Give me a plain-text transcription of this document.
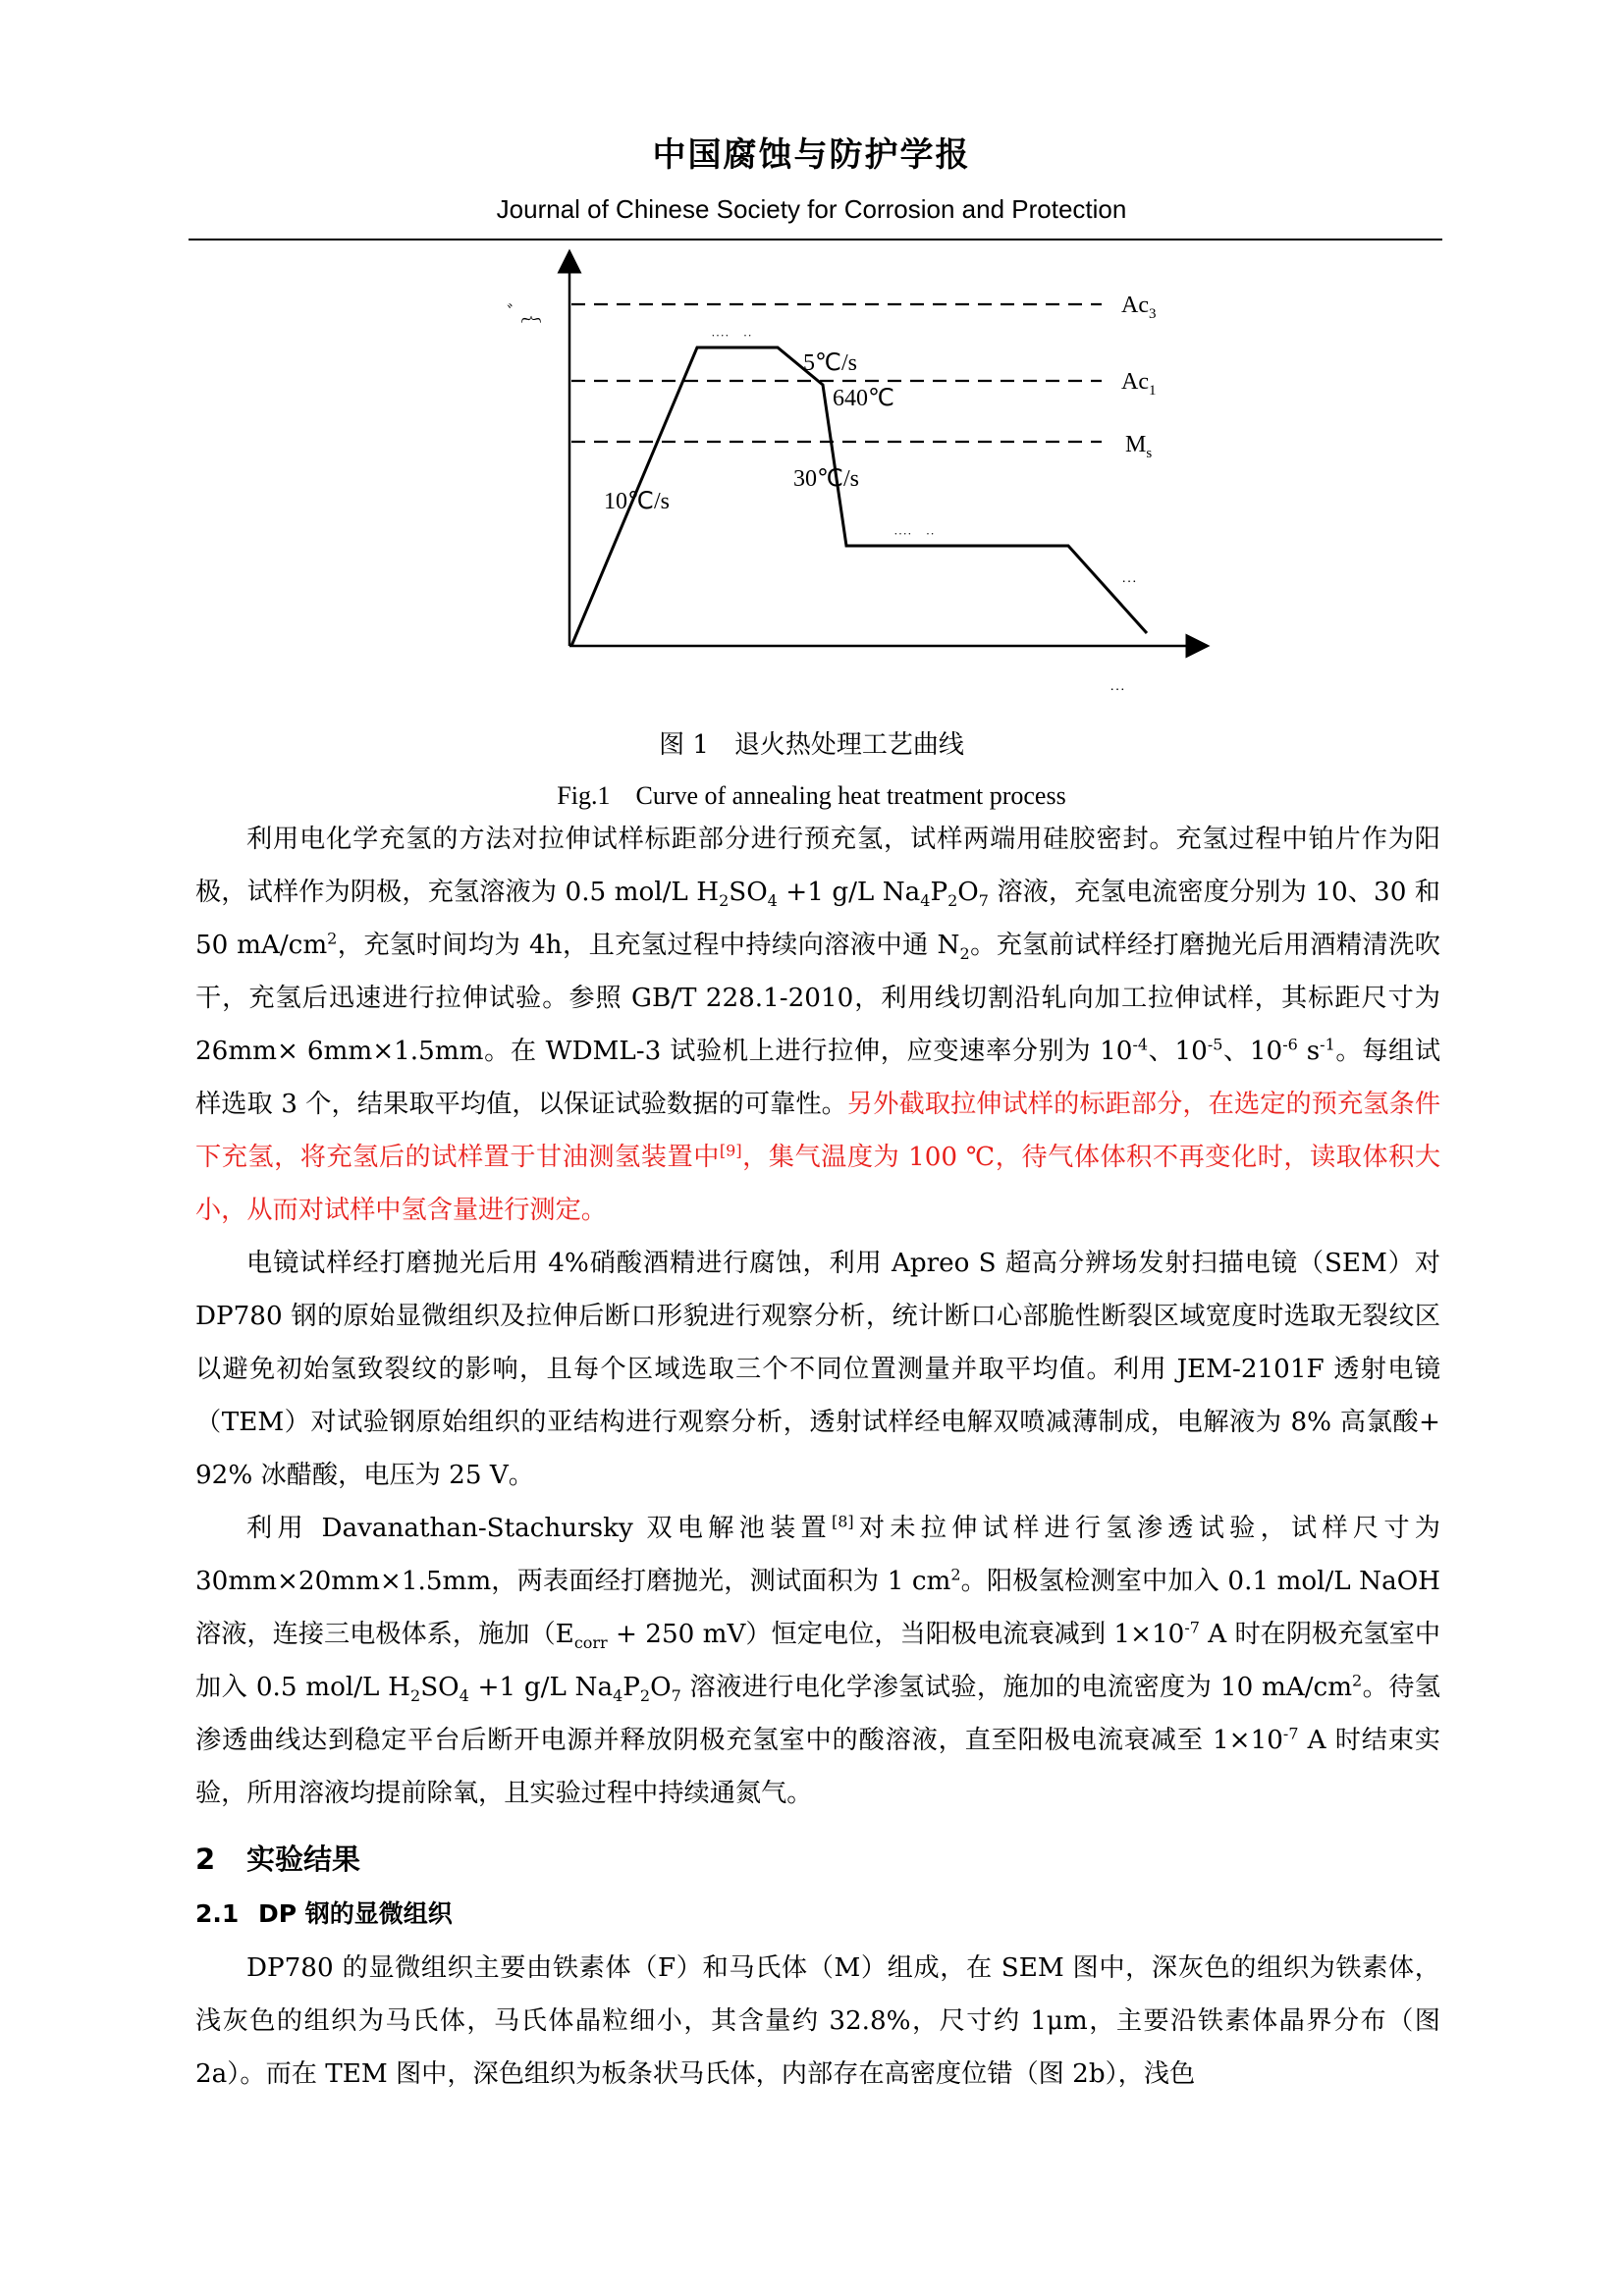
中国腐蚀与防护学报
Journal of Chinese Society for Corrosion and Protection
ﾞ ︷
˙˙˙
˙˙˙
˙˙˙˙　˙˙
˙˙˙˙　˙˙
$Ac_3$
$Ac_1$
$M_s$
10℃/s
5℃/s
640℃
30℃/s
图 1　退火热处理工艺曲线
Fig.1　Curve of annealing heat treatment process

利用电化学充氢的方法对拉伸试样标距部分进行预充氢，试样两端用硅胶密封。充氢过程中铂片作为阳极，试样作为阴极，充氢溶液为 0.5 mol/L $H_2SO_4 +1$ g/L $Na_4P_2O_7$ 溶液，充氢电流密度分别为 10、30 和 50 $mA/cm^2$，充氢时间均为 4h，且充氢过程中持续向溶液中通 $N_2$。充氢前试样经打磨抛光后用酒精清洗吹干，充氢后迅速进行拉伸试验。参照 GB/T 228.1-2010，利用线切割沿轧向加工拉伸试样，其标距尺寸为 26mm× 6mm×1.5mm。在 WDML-3 试验机上进行拉伸，应变速率分别为 $10^{-4}$、$10^{-5}$、$10^{-6}$ $s^{-1}$。每组试样选取 3 个，结果取平均值，以保证试验数据的可靠性。另外截取拉伸试样的标距部分，在选定的预充氢条件下充氢，将充氢后的试样置于甘油测氢装置中[9]，集气温度为 100 ℃，待气体体积不再变化时，读取体积大小，从而对试样中氢含量进行测定。

电镜试样经打磨抛光后用 4%硝酸酒精进行腐蚀，利用 Apreo S 超高分辨场发射扫描电镜（SEM）对 DP780 钢的原始显微组织及拉伸后断口形貌进行观察分析，统计断口心部脆性断裂区域宽度时选取无裂纹区以避免初始氢致裂纹的影响，且每个区域选取三个不同位置测量并取平均值。利用 JEM-2101F 透射电镜（TEM）对试验钢原始组织的亚结构进行观察分析，透射试样经电解双喷减薄制成，电解液为 8% 高氯酸+ 92% 冰醋酸，电压为 25 V。

利用 Davanathan-Stachursky 双电解池装置[8]对未拉伸试样进行氢渗透试验，试样尺寸为 30mm×20mm×1.5mm，两表面经打磨抛光，测试面积为 1 $cm^2$。阳极氢检测室中加入 0.1 mol/L NaOH 溶液，连接三电极体系，施加（$E_{corr} + 250$ mV）恒定电位，当阳极电流衰减到 $1\times 10^{-7}$ A 时在阴极充氢室中加入 0.5 mol/L $H_2SO_4 +1$ g/L $Na_4P_2O_7$ 溶液进行电化学渗氢试验，施加的电流密度为 10 $mA/cm^2$。待氢渗透曲线达到稳定平台后断开电源并释放阴极充氢室中的酸溶液，直至阳极电流衰减至 $1\times 10^{-7}$ A 时结束实验，所用溶液均提前除氧，且实验过程中持续通氮气。

2 实验结果
2.1 DP 钢的显微组织

DP780 的显微组织主要由铁素体（F）和马氏体（M）组成，在 SEM 图中，深灰色的组织为铁素体，浅灰色的组织为马氏体，马氏体晶粒细小，其含量约 32.8%，尺寸约 1μm，主要沿铁素体晶界分布（图 2a）。而在 TEM 图中，深色组织为板条状马氏体，内部存在高密度位错（图 2b），浅色
